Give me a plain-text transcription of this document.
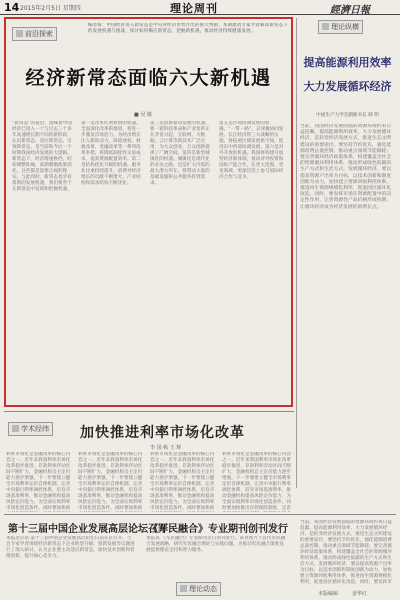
14 2015年2月5日 星期四	理论周刊	經濟日報
前沿探索
编者按：中国经济进入新常态是中央对经济形势作出的重大判断。本期邀请专家学者解读新常态下的发展机遇与挑战，探讨如何顺应新常态，把握新机遇，推动经济持续健康发展。
经济新常态面临六大新机遇
■ 吴 敬
“新常态”的提出，意味着中国经济已进入一个与过去三十多年高速增长期不同的新阶段。认识新常态、适应新常态、引领新常态，是当前和今后一个时期我国经济发展的大逻辑。新常态下，经济增速换挡，结构调整阵痛，前期刺激政策消化，这些都是需要正视的现实。与此同时，新常态也孕育着新的发展机遇，我们要善于在新常态中发现和把握机遇。
第一是改革红利释放的机遇。全面深化改革的推进，将进一步激发市场活力，为经济增长注入新的动力。简政放权、财税改革、金融改革等一系列改革举措，将降低制度性交易成本，提高资源配置效率。第二是结构优化升级的机遇。服务业比重持续提升，消费对经济增长的贡献不断增大，产业结构和需求结构不断优化。
第三是创新驱动发展的机遇。新一轮科技革命和产业变革正在孕育兴起，互联网、大数据、云计算等新技术广泛应用，为大众创业、万众创新提供了广阔空间。第四是新型城镇化的机遇。城镇化是现代化的必由之路，也是扩大内需的最大潜力所在，将带动大量的基础设施和公共服务投资需求。
第五是区域协调发展的机遇。“一带一路”、京津冀协同发展、长江经济带三大战略的实施，将拓展区域发展新空间，促进东中西部协调发展。第六是对外开放的机遇。我国将构建开放型经济新体制，推动对外投资和国际产能合作，在更大范围、更宽领域、更深层次上参与国际经济合作与竞争。
理论纵横
提高能源利用效率
大力发展循环经济
中国生产力学会副秘书长 韩 明
当前，我国经济发展面临的资源环境约束日益趋紧。提高能源利用效率，大力发展循环经济，是转变经济发展方式、推进生态文明建设的重要途径。要坚持节约优先，强化能源消费总量控制，推动重点领域节能降耗；要完善循环经济政策体系，构建覆盖全社会的资源循环利用体系，推动形成绿色低碳的生产方式和生活方式。发展循环经济，要以提高资源产出率为目标，以技术创新和制度创新为动力，加快建立资源回收利用体系，推进再生资源规模化利用，促进园区循环化改造。同时，要发挥市场在资源配置中的决定性作用，完善资源性产品价格形成机制，让循环经济成为经济发展的新增长点。
学术经纬 加快推进利率市场化改革
李 国 栋 王 辉
利率市场化是金融改革的核心内容之一。近年来我国利率市场化改革稳步推进，存款利率浮动区间不断扩大，金融机构自主定价能力逐步增强。下一步要建立健全市场利率定价自律机制，完善中央银行利率调控体系，培育市场基准利率，推动金融机构提高风险定价能力，为全面实现利率市场化创造条件。同时要加快推
利率市场化是金融改革的核心内容之一。近年来我国利率市场化改革稳步推进，存款利率浮动区间不断扩大，金融机构自主定价能力逐步增强。下一步要建立健全市场利率定价自律机制，完善中央银行利率调控体系，培育市场基准利率，推动金融机构提高风险定价能力，为全面实现利率市场化创造条件。同时要加快推
利率市场化是金融改革的核心内容之一。近年来我国利率市场化改革稳步推进，存款利率浮动区间不断扩大，金融机构自主定价能力逐步增强。下一步要建立健全市场利率定价自律机制，完善中央银行利率调控体系，培育市场基准利率，推动金融机构提高风险定价能力，为全面实现利率市场化创造条件。同时要加快推
利率市场化是金融改革的核心内容之一。近年来我国利率市场化改革稳步推进，存款利率浮动区间不断扩大，金融机构自主定价能力逐步增强。下一步要建立健全市场利率定价自律机制，完善中央银行利率调控体系，培育市场基准利率，推动金融机构提高风险定价能力，为全面实现利率市场化创造条件。同时要加快推出存款保险制度，完善
第十三届中国企业发展高层论坛召开
本报北京讯 第十三届中国企业发展高层论坛日前在京召开。与会专家学者围绕经济新常态下企业转型升级、创新发展等议题进行了深入研讨，认为企业要主动适应新常态，加快技术创新和管理创新，提升核心竞争力。
《军民融合》专业期刊创刊发行
本报讯 《军民融合》专业期刊近日创刊发行。该刊致力于宣传军民融合发展战略，研究军民融合理论与实践问题，为推动军民融合深度发展提供理论支持和智力服务。
理论动态
当前，我国经济发展面临的资源环境约束日益趋紧。提高能源利用效率，大力发展循环经济，是转变经济发展方式、推进生态文明建设的重要途径。要坚持节约优先，强化能源消费总量控制，推动重点领域节能降耗；要完善循环经济政策体系，构建覆盖全社会的资源循环利用体系，推动形成绿色低碳的生产方式和生活方式。发展循环经济，要以提高资源产出率为目标，以技术创新和制度创新为动力，加快建立资源回收利用体系，推进再生资源规模化利用，促进园区循环化改造。同时，要发挥市
本版编辑	姜华红
